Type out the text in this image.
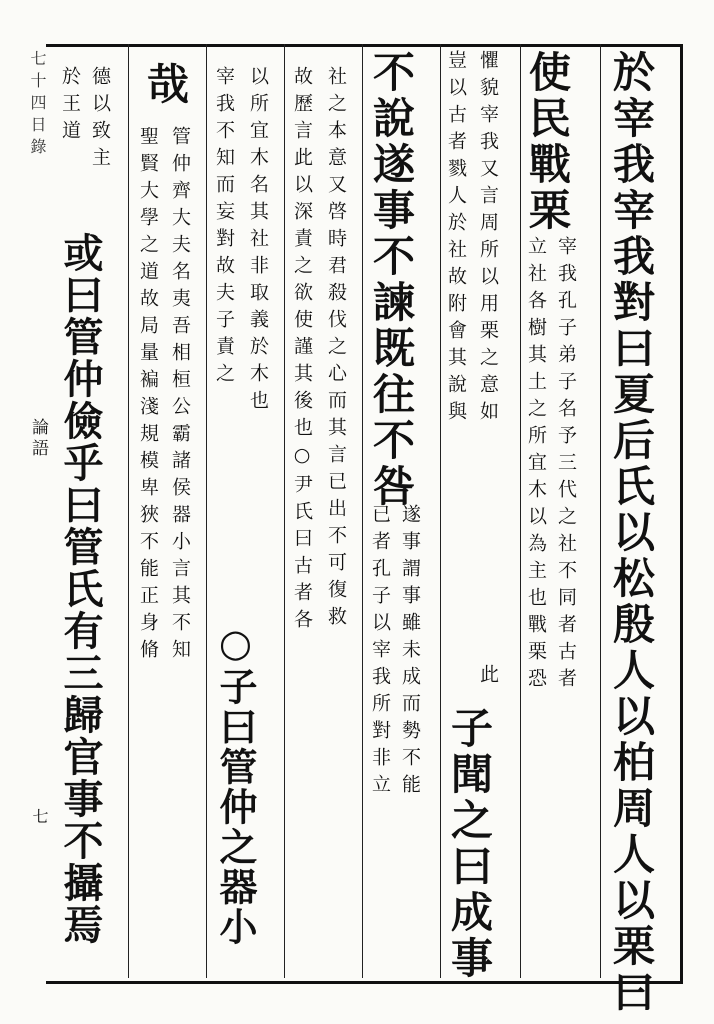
七十四日錄
論語
七	於宰我宰我對曰夏后氏以松殷人以柏周人以栗曰
使民戰栗
宰我孔子弟子名予三代之社不同者古者
立社各樹其土之所宜木以為主也戰栗恐
懼貌宰我又言周所以用栗之意如
豈以古者戮人於社故附會其說與
此
子聞之曰成事
不說遂事不諫既往不咎
遂事謂事雖未成而勢不能
已者孔子以宰我所對非立
社之本意又啓時君殺伐之心而其言已出不可復救
故歷言此以深責之欲使謹其後也○尹氏曰古者各
以所宜木名其社非取義於木也
宰我不知而妄對故夫子責之
○子曰管仲之器小
哉
管仲齊大夫名夷吾相桓公霸諸侯器小言其不知
聖賢大學之道故局量褊淺規模卑狹不能正身脩
德以致主
於王道
或曰管仲儉乎曰管氏有三歸官事不攝焉
